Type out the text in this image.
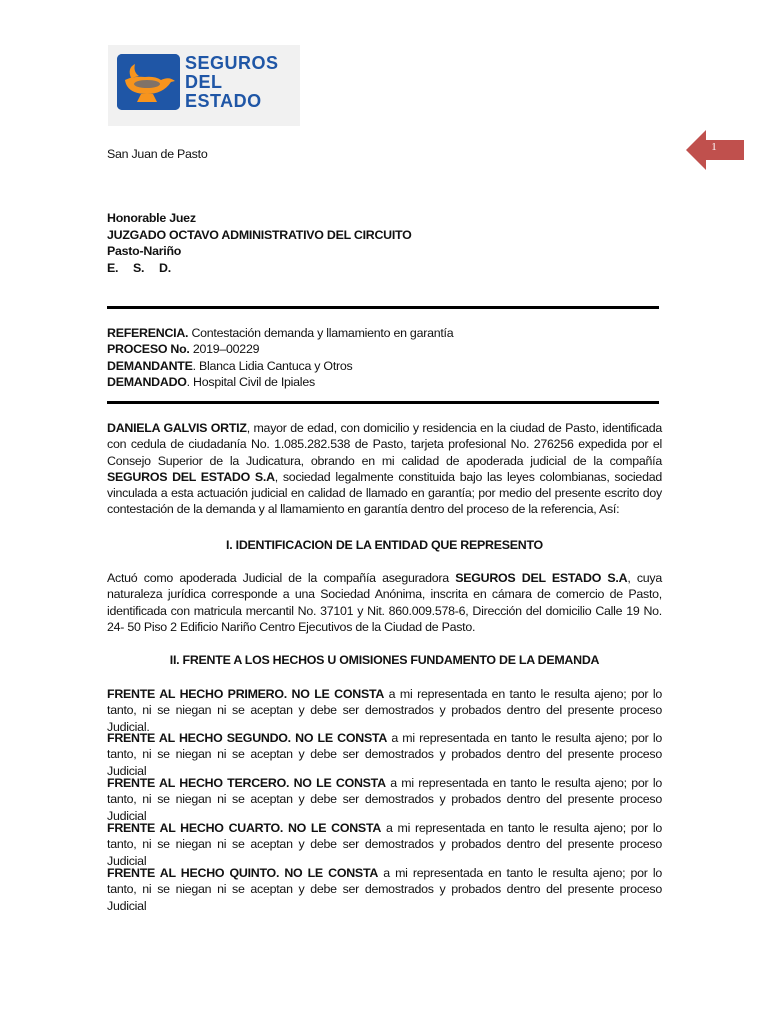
SEGUROS
DEL
ESTADO
1
San Juan de Pasto
Honorable Juez
JUZGADO OCTAVO ADMINISTRATIVO DEL CIRCUITO
Pasto-Nariño
E. S. D.
REFERENCIA. Contestación demanda y llamamiento en garantía
PROCESO No. 2019–00229
DEMANDANTE. Blanca Lidia Cantuca y Otros
DEMANDADO. Hospital Civil de Ipiales

DANIELA GALVIS ORTIZ, mayor de edad, con domicilio y residencia en la ciudad de Pasto, identificada con cedula de ciudadanía No. 1.085.282.538 de Pasto, tarjeta profesional No. 276256 expedida por el Consejo Superior de la Judicatura, obrando en mi calidad de apoderada judicial de la compañía SEGUROS DEL ESTADO S.A, sociedad legalmente constituida bajo las leyes colombianas, sociedad vinculada a esta actuación judicial en calidad de llamado en garantía; por medio del presente escrito doy contestación de la demanda y al llamamiento en garantía dentro del proceso de la referencia, Así:

I. IDENTIFICACION DE LA ENTIDAD QUE REPRESENTO

Actuó como apoderada Judicial de la compañía aseguradora SEGUROS DEL ESTADO S.A, cuya naturaleza jurídica corresponde a una Sociedad Anónima, inscrita en cámara de comercio de Pasto, identificada con matricula mercantil No. 37101 y Nit. 860.009.578-6, Dirección del domicilio Calle 19 No. 24- 50 Piso 2 Edificio Nariño Centro Ejecutivos de la Ciudad de Pasto.

II. FRENTE A LOS HECHOS U OMISIONES FUNDAMENTO DE LA DEMANDA

FRENTE AL HECHO PRIMERO. NO LE CONSTA a mi representada en tanto le resulta ajeno; por lo tanto, ni se niegan ni se aceptan y debe ser demostrados y probados dentro del presente proceso Judicial.

FRENTE AL HECHO SEGUNDO. NO LE CONSTA a mi representada en tanto le resulta ajeno; por lo tanto, ni se niegan ni se aceptan y debe ser demostrados y probados dentro del presente proceso Judicial

FRENTE AL HECHO TERCERO. NO LE CONSTA a mi representada en tanto le resulta ajeno; por lo tanto, ni se niegan ni se aceptan y debe ser demostrados y probados dentro del presente proceso Judicial

FRENTE AL HECHO CUARTO. NO LE CONSTA a mi representada en tanto le resulta ajeno; por lo tanto, ni se niegan ni se aceptan y debe ser demostrados y probados dentro del presente proceso Judicial

FRENTE AL HECHO QUINTO. NO LE CONSTA a mi representada en tanto le resulta ajeno; por lo tanto, ni se niegan ni se aceptan y debe ser demostrados y probados dentro del presente proceso Judicial
